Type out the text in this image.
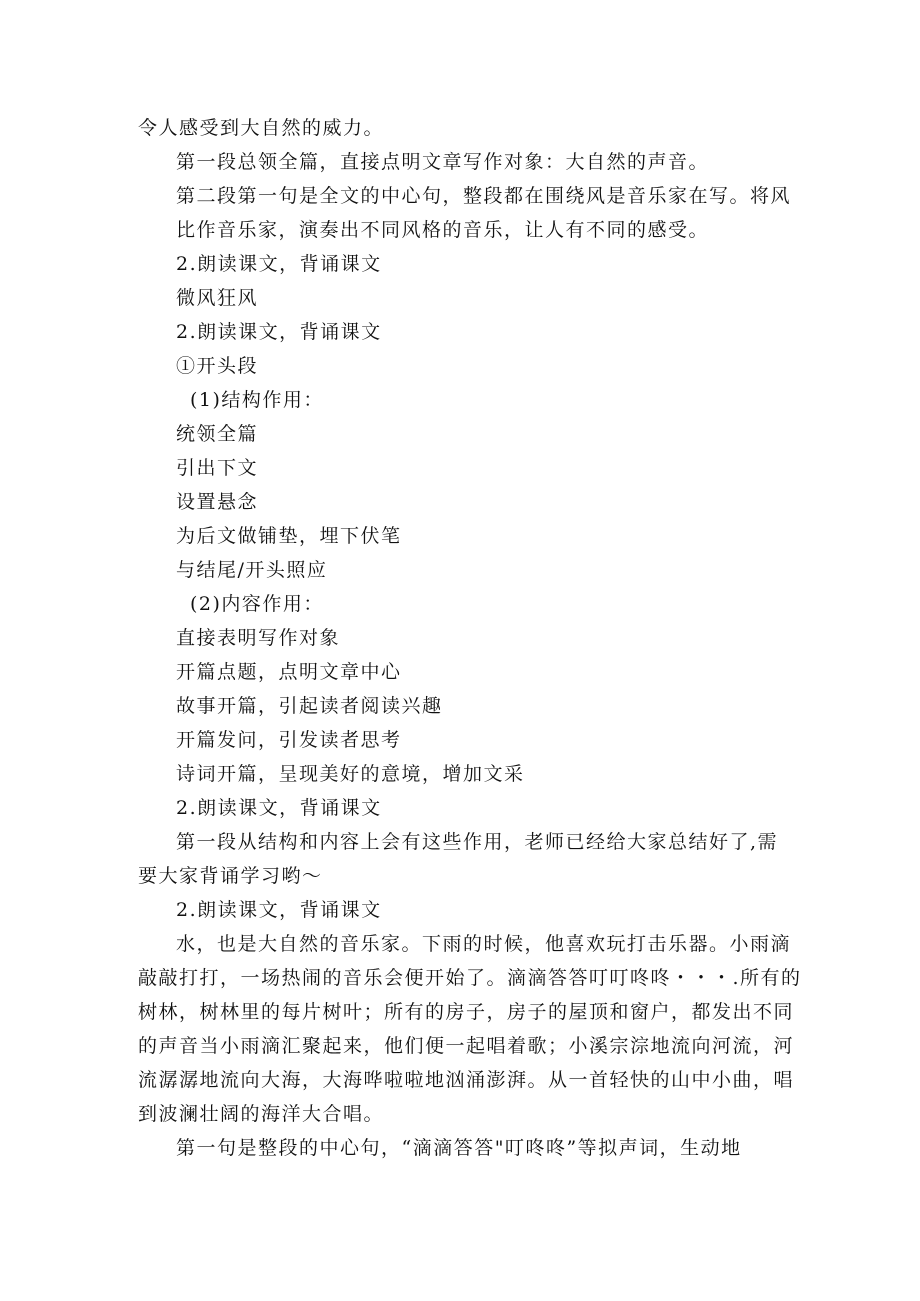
令人感受到大自然的威力。
第一段总领全篇，直接点明文章写作对象：大自然的声音。
第二段第一句是全文的中心句，整段都在围绕风是音乐家在写。将风
比作音乐家，演奏出不同风格的音乐，让人有不同的感受。
2.朗读课文，背诵课文
微风狂风
2.朗读课文，背诵课文
①开头段
(1)结构作用：
统领全篇
引出下文
设置悬念
为后文做铺垫，埋下伏笔
与结尾/开头照应
(2)内容作用：
直接表明写作对象
开篇点题，点明文章中心
故事开篇，引起读者阅读兴趣
开篇发问，引发读者思考
诗词开篇，呈现美好的意境，增加文采
2.朗读课文，背诵课文
第一段从结构和内容上会有这些作用，老师已经给大家总结好了,需
要大家背诵学习哟～
2.朗读课文，背诵课文
水，也是大自然的音乐家。下雨的时候，他喜欢玩打击乐器。小雨滴
敲敲打打，一场热闹的音乐会便开始了。滴滴答答叮叮咚咚・・・.所有的
树林，树林里的每片树叶；所有的房子，房子的屋顶和窗户，都发出不同
的声音当小雨滴汇聚起来，他们便一起唱着歌；小溪宗淙地流向河流，河
流潺潺地流向大海，大海哗啦啦地汹涌澎湃。从一首轻快的山中小曲，唱
到波澜壮阔的海洋大合唱。
第一句是整段的中心句，“滴滴答答"叮咚咚”等拟声词，生动地
